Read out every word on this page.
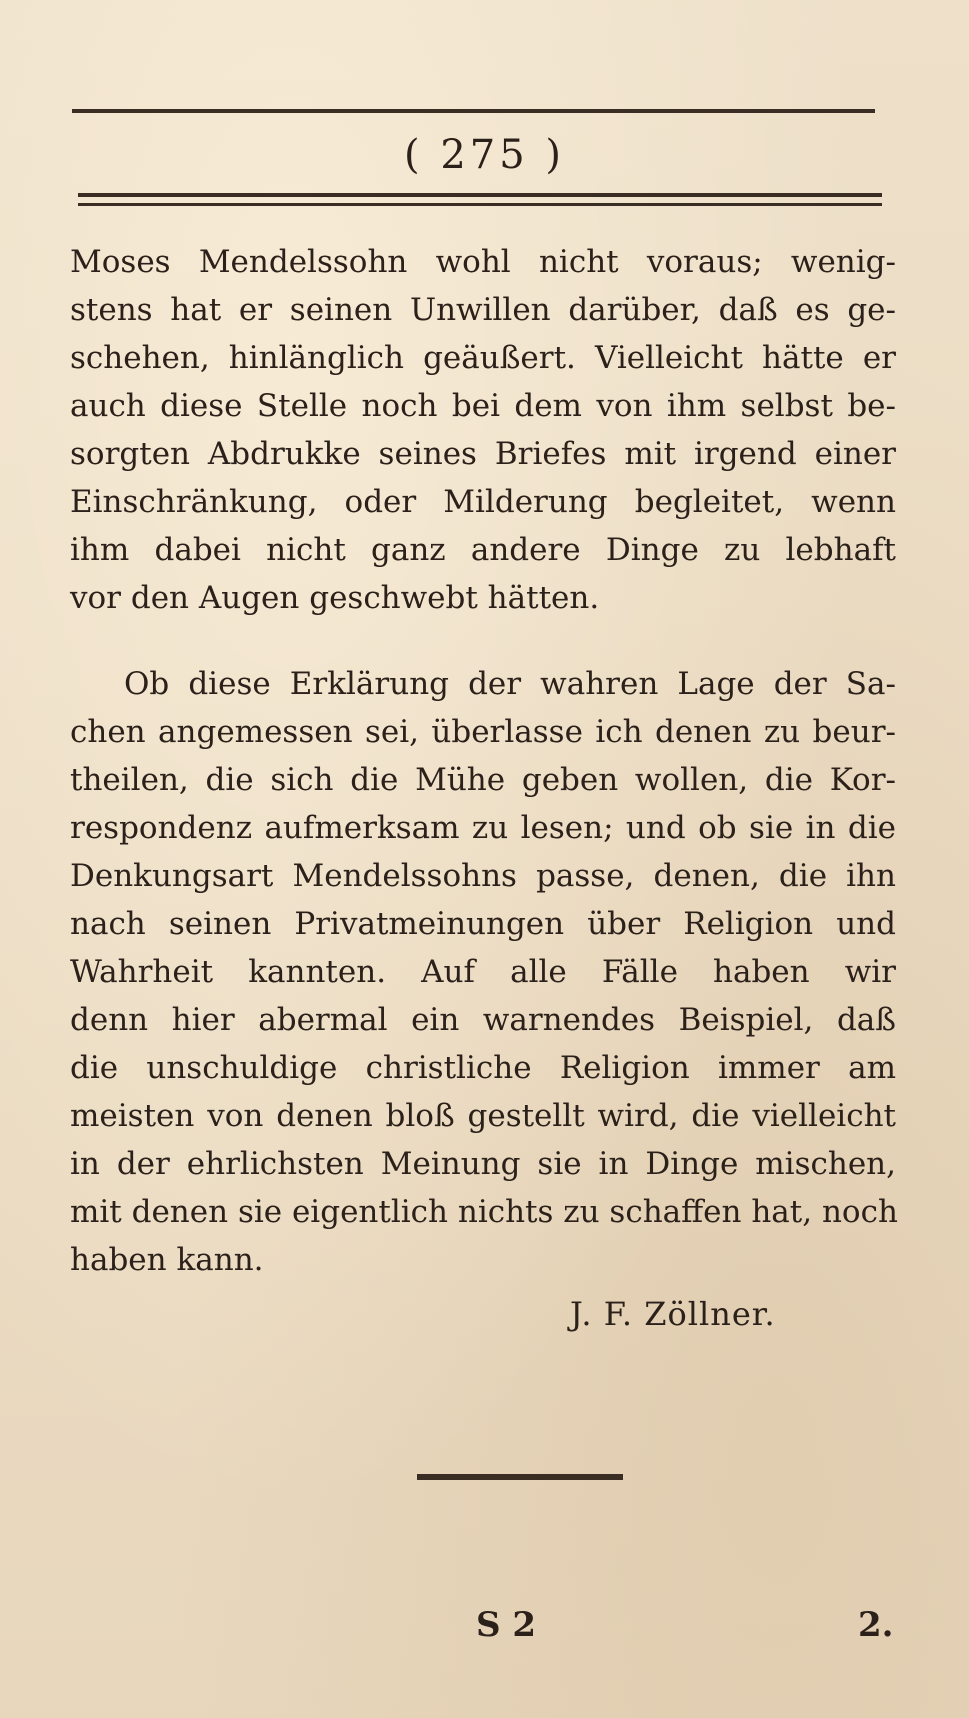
( 275 )
Moses Mendelssohn wohl nicht voraus; wenig-
stens hat er seinen Unwillen darüber, daß es ge-
schehen, hinlänglich geäußert. Vielleicht hätte er
auch diese Stelle noch bei dem von ihm selbst be-
sorgten Abdrukke seines Briefes mit irgend einer
Einschränkung, oder Milderung begleitet, wenn
ihm dabei nicht ganz andere Dinge zu lebhaft
vor den Augen geschwebt hätten.
Ob diese Erklärung der wahren Lage der Sa-
chen angemessen sei, überlasse ich denen zu beur-
theilen, die sich die Mühe geben wollen, die Kor-
respondenz aufmerksam zu lesen; und ob sie in die
Denkungsart Mendelssohns passe, denen, die ihn
nach seinen Privatmeinungen über Religion und
Wahrheit kannten. Auf alle Fälle haben wir
denn hier abermal ein warnendes Beispiel, daß
die unschuldige christliche Religion immer am
meisten von denen bloß gestellt wird, die vielleicht
in der ehrlichsten Meinung sie in Dinge mischen,
mit denen sie eigentlich nichts zu schaffen hat, noch
haben kann.
J. F. Zöllner.
S 2	2.
